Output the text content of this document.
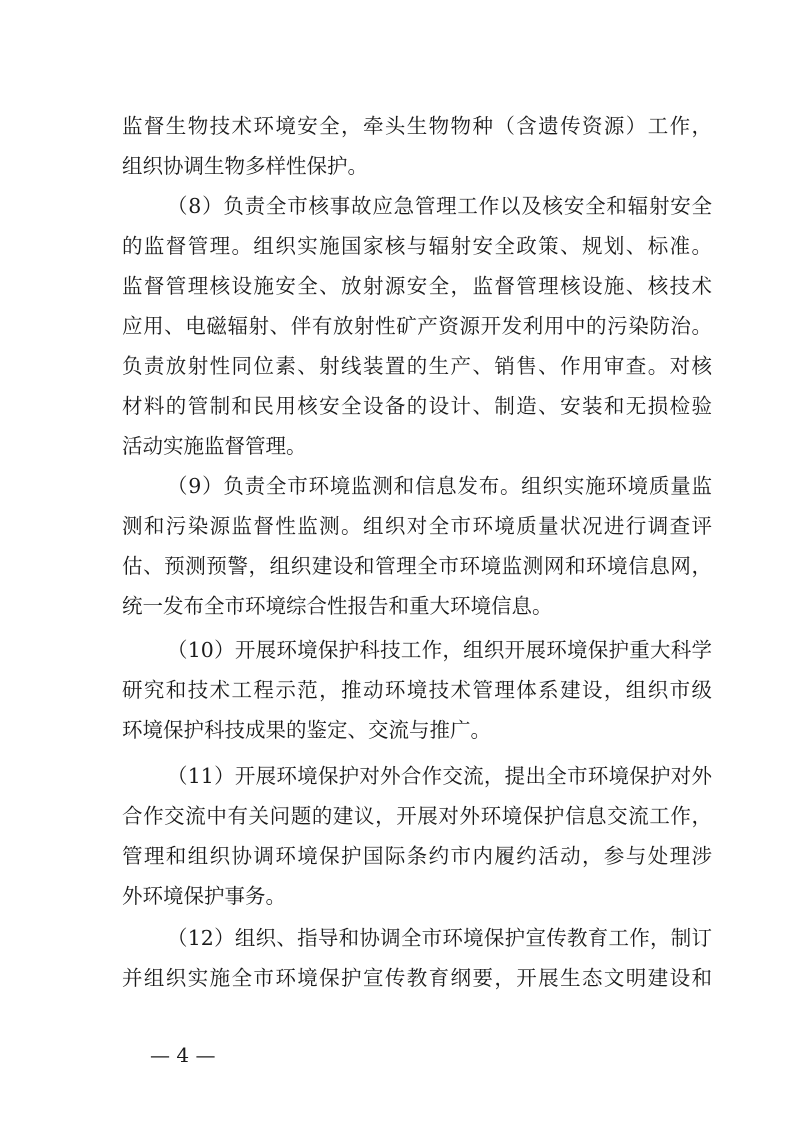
监督生物技术环境安全，牵头生物物种（含遗传资源）工作，
组织协调生物多样性保护。
（8）负责全市核事故应急管理工作以及核安全和辐射安全
的监督管理。组织实施国家核与辐射安全政策、规划、标准。
监督管理核设施安全、放射源安全，监督管理核设施、核技术
应用、电磁辐射、伴有放射性矿产资源开发利用中的污染防治。
负责放射性同位素、射线装置的生产、销售、作用审查。对核
材料的管制和民用核安全设备的设计、制造、安装和无损检验
活动实施监督管理。
（9）负责全市环境监测和信息发布。组织实施环境质量监
测和污染源监督性监测。组织对全市环境质量状况进行调查评
估、预测预警，组织建设和管理全市环境监测网和环境信息网，
统一发布全市环境综合性报告和重大环境信息。
（10）开展环境保护科技工作，组织开展环境保护重大科学
研究和技术工程示范，推动环境技术管理体系建设，组织市级
环境保护科技成果的鉴定、交流与推广。
（11）开展环境保护对外合作交流，提出全市环境保护对外
合作交流中有关问题的建议，开展对外环境保护信息交流工作，
管理和组织协调环境保护国际条约市内履约活动，参与处理涉
外环境保护事务。
（12）组织、指导和协调全市环境保护宣传教育工作，制订
并组织实施全市环境保护宣传教育纲要，开展生态文明建设和
— 4 —
